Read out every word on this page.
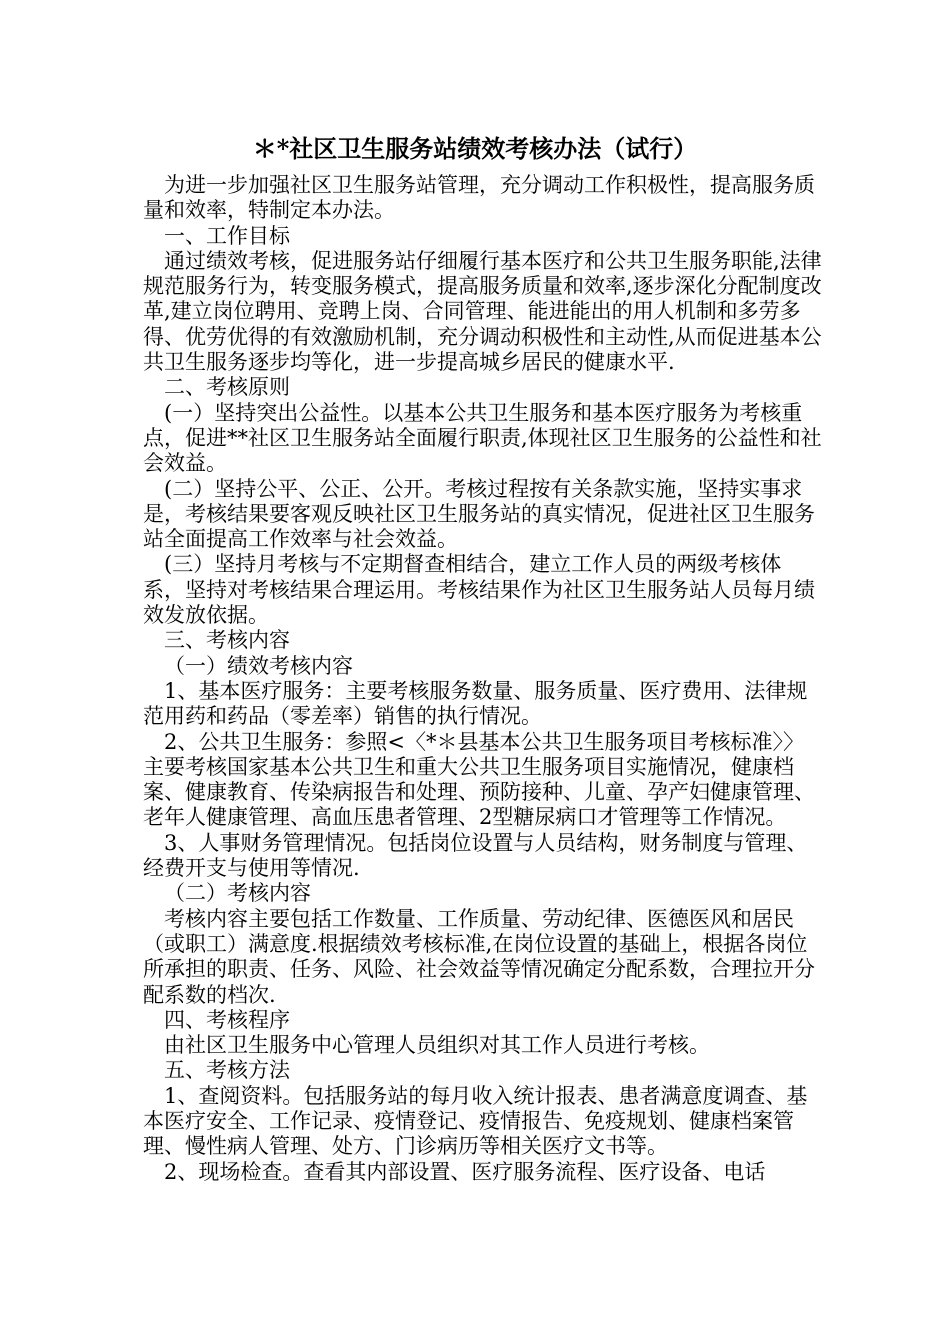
＊*社区卫生服务站绩效考核办法（试行）

为进一步加强社区卫生服务站管理，充分调动工作积极性，提高服务质量和效率，特制定本办法。

一、工作目标

通过绩效考核，促进服务站仔细履行基本医疗和公共卫生服务职能,法律规范服务行为，转变服务模式，提高服务质量和效率,逐步深化分配制度改革,建立岗位聘用、竞聘上岗、合同管理、能进能出的用人机制和多劳多得、优劳优得的有效激励机制，充分调动积极性和主动性,从而促进基本公共卫生服务逐步均等化，进一步提高城乡居民的健康水平.

二、考核原则

(一）坚持突出公益性。以基本公共卫生服务和基本医疗服务为考核重点，促进**社区卫生服务站全面履行职责,体现社区卫生服务的公益性和社会效益。

(二）坚持公平、公正、公开。考核过程按有关条款实施，坚持实事求是，考核结果要客观反映社区卫生服务站的真实情况，促进社区卫生服务站全面提高工作效率与社会效益。

(三）坚持月考核与不定期督查相结合，建立工作人员的两级考核体系，坚持对考核结果合理运用。考核结果作为社区卫生服务站人员每月绩效发放依据。

三、考核内容

（一）绩效考核内容

1、基本医疗服务：主要考核服务数量、服务质量、医疗费用、法律规范用药和药品（零差率）销售的执行情况。

2、公共卫生服务：参照<〈*＊县基本公共卫生服务项目考核标准〉〉主要考核国家基本公共卫生和重大公共卫生服务项目实施情况，健康档案、健康教育、传染病报告和处理、预防接种、儿童、孕产妇健康管理、老年人健康管理、高血压患者管理、2型糖尿病口才管理等工作情况。

3、人事财务管理情况。包括岗位设置与人员结构，财务制度与管理、经费开支与使用等情况.

（二）考核内容

考核内容主要包括工作数量、工作质量、劳动纪律、医德医风和居民（或职工）满意度.根据绩效考核标准,在岗位设置的基础上，根据各岗位所承担的职责、任务、风险、社会效益等情况确定分配系数，合理拉开分配系数的档次.

四、考核程序

由社区卫生服务中心管理人员组织对其工作人员进行考核。

五、考核方法

1、查阅资料。包括服务站的每月收入统计报表、患者满意度调查、基本医疗安全、工作记录、疫情登记、疫情报告、免疫规划、健康档案管理、慢性病人管理、处方、门诊病历等相关医疗文书等。

2、现场检查。查看其内部设置、医疗服务流程、医疗设备、电话
